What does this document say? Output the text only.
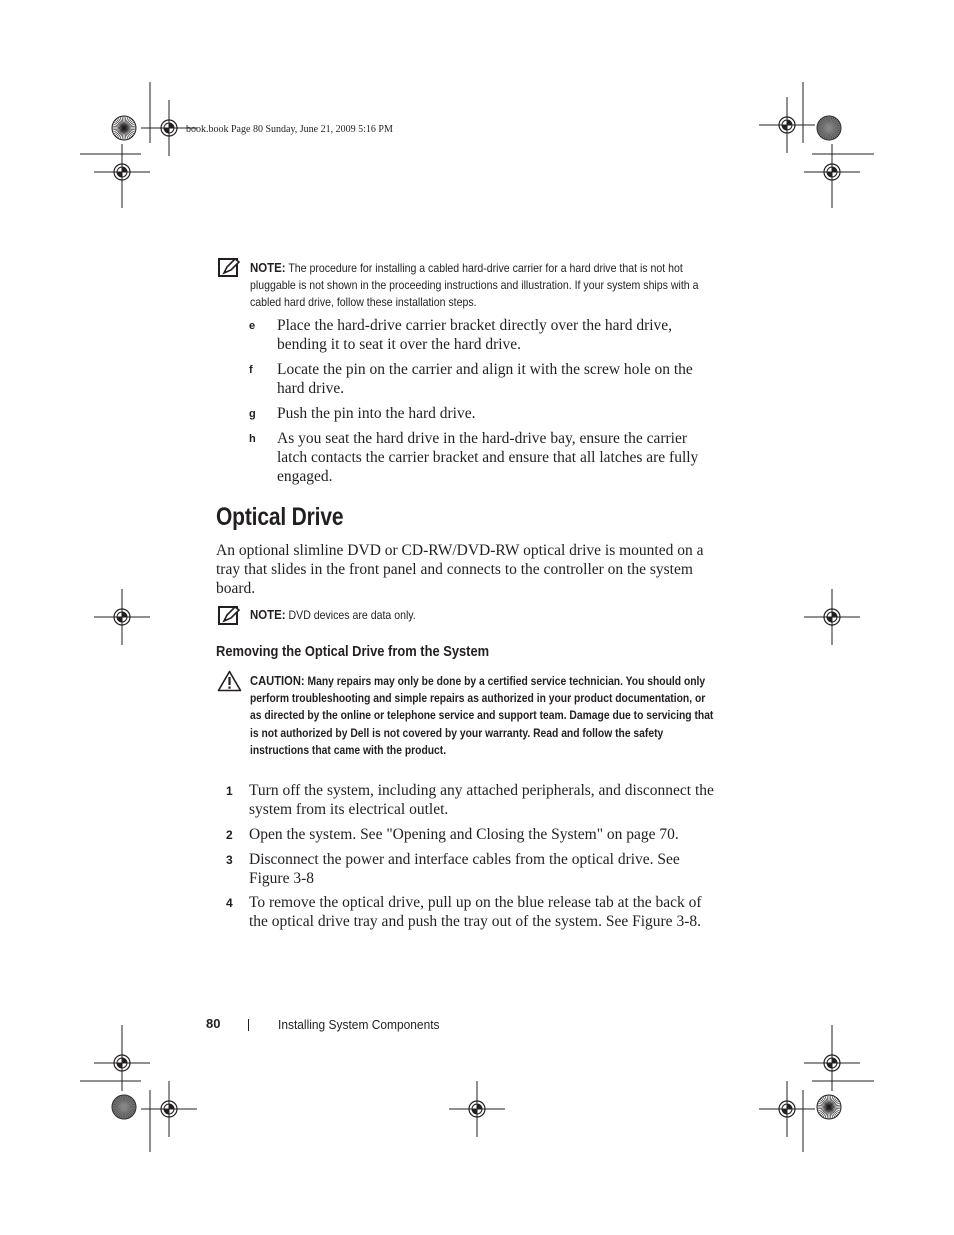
book.book Page 80 Sunday, June 21, 2009 5:16 PM
NOTE: The procedure for installing a cabled hard-drive carrier for a hard drive that is not hot pluggable is not shown in the proceeding instructions and illustration. If your system ships with a cabled hard drive, follow these installation steps.
e Place the hard-drive carrier bracket directly over the hard drive, bending it to seat it over the hard drive.
f Locate the pin on the carrier and align it with the screw hole on the hard drive.
g Push the pin into the hard drive.
h As you seat the hard drive in the hard-drive bay, ensure the carrier latch contacts the carrier bracket and ensure that all latches are fully engaged.
Optical Drive
An optional slimline DVD or CD-RW/DVD-RW optical drive is mounted on a tray that slides in the front panel and connects to the controller on the system board.
NOTE: DVD devices are data only.
Removing the Optical Drive from the System
CAUTION: Many repairs may only be done by a certified service technician. You should only perform troubleshooting and simple repairs as authorized in your product documentation, or as directed by the online or telephone service and support team. Damage due to servicing that is not authorized by Dell is not covered by your warranty. Read and follow the safety instructions that came with the product.
1 Turn off the system, including any attached peripherals, and disconnect the system from its electrical outlet.
2 Open the system. See "Opening and Closing the System" on page 70.
3 Disconnect the power and interface cables from the optical drive. See Figure 3-8
4 To remove the optical drive, pull up on the blue release tab at the back of the optical drive tray and push the tray out of the system. See Figure 3-8.
80	Installing System Components
